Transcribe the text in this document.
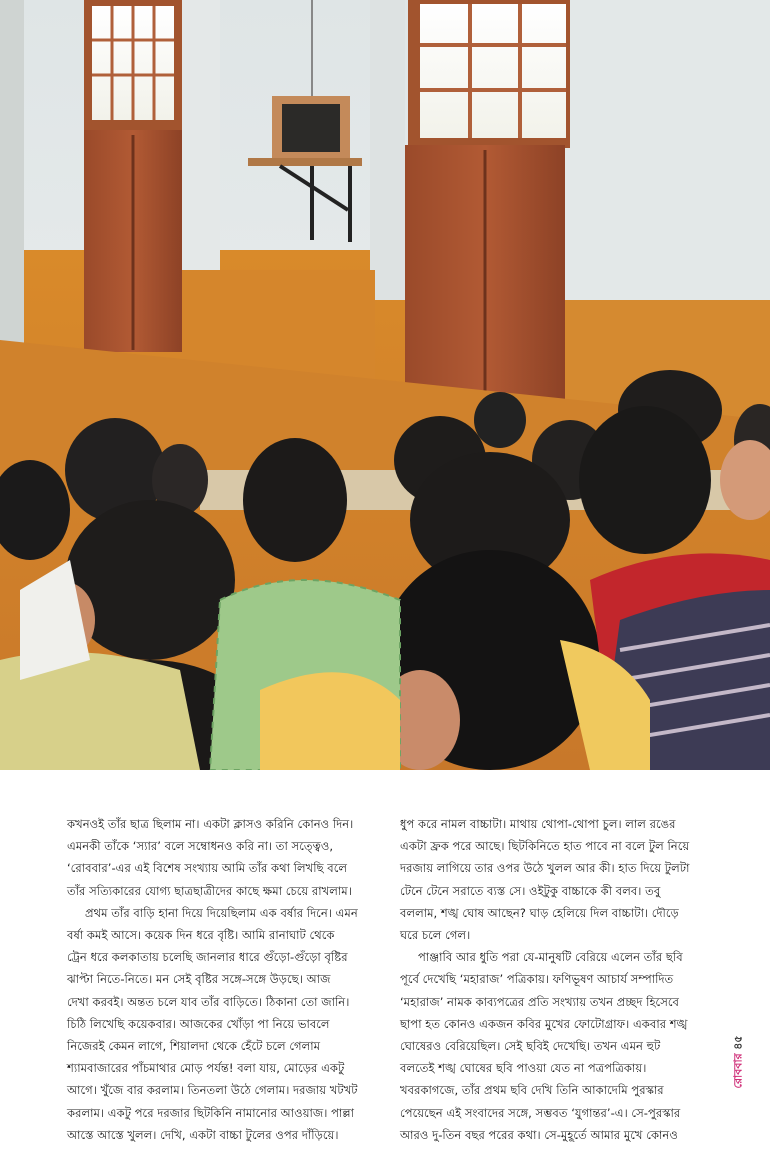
কখনওই তাঁর ছাত্র ছিলাম না। একটা ক্লাসও করিনি কোনও দিন।

এমনকী তাঁকে ‘স্যার’ বলে সম্বোধনও করি না। তা সত্ত্বেও,

‘রোববার’-এর এই বিশেষ সংখ্যায় আমি তাঁর কথা লিখছি বলে

তাঁর সত্যিকারের যোগ্য ছাত্রছাত্রীদের কাছে ক্ষমা চেয়ে রাখলাম।

প্রথম তাঁর বাড়ি হানা দিয়ে দিয়েছিলাম এক বর্ষার দিনে। এমন

বর্ষা কমই আসে। কয়েক দিন ধরে বৃষ্টি। আমি রানাঘাট থেকে

ট্রেন ধরে কলকাতায় চলেছি জানলার ধারে গুঁড়ো-গুঁড়ো বৃষ্টির

ঝাপ্টা নিতে-নিতে। মন সেই বৃষ্টির সঙ্গে-সঙ্গে উড়ছে। আজ

দেখা করবই। অন্তত চলে যাব তাঁর বাড়িতে। ঠিকানা তো জানি।

চিঠি লিখেছি কয়েকবার। আজকের খোঁড়া পা নিয়ে ভাবলে

নিজেরই কেমন লাগে, শিয়ালদা থেকে হেঁটে চলে গেলাম

শ্যামবাজারের পাঁচমাথার মোড় পর্যন্ত! বলা যায়, মোড়ের একটু

আগে। খুঁজে বার করলাম। তিনতলা উঠে গেলাম। দরজায় খটখট

করলাম। একটু পরে দরজার ছিটকিনি নামানোর আওয়াজ। পাল্লা

আস্তে আস্তে খুলল। দেখি, একটা বাচ্চা টুলের ওপর দাঁড়িয়ে।

ধুপ করে নামল বাচ্চাটা। মাথায় থোপা-থোপা চুল। লাল রঙের

একটা ফ্রক পরে আছে। ছিটকিনিতে হাত পাবে না বলে টুল নিয়ে

দরজায় লাগিয়ে তার ওপর উঠে খুলল আর কী। হাত দিয়ে টুলটা

টেনে টেনে সরাতে ব্যস্ত সে। ওইটুকু বাচ্চাকে কী বলব। তবু

বললাম, শঙ্খ ঘোষ আছেন? ঘাড় হেলিয়ে দিল বাচ্চাটা। দৌড়ে

ঘরে চলে গেল।

পাঞ্জাবি আর ধুতি পরা যে-মানুষটি বেরিয়ে এলেন তাঁর ছবি

পূর্বে দেখেছি ‘মহারাজ’ পত্রিকায়। ফণিভূষণ আচার্য সম্পাদিত

‘মহারাজ’ নামক কাব্যপত্রের প্রতি সংখ্যায় তখন প্রচ্ছদ হিসেবে

ছাপা হত কোনও একজন কবির মুখের ফোটোগ্রাফ। একবার শঙ্খ

ঘোষেরও বেরিয়েছিল। সেই ছবিই দেখেছি। তখন এমন হুট

বলতেই শঙ্খ ঘোষের ছবি পাওয়া যেত না পত্রপত্রিকায়।

খবরকাগজে, তাঁর প্রথম ছবি দেখি তিনি আকাদেমি পুরস্কার

পেয়েছেন এই সংবাদের সঙ্গে, সম্ভবত ‘যুগান্তর’-এ। সে-পুরস্কার

আরও দু-তিন বছর পরের কথা। সে-মুহূর্তে আমার মুখে কোনও

রোববার ৪৫
